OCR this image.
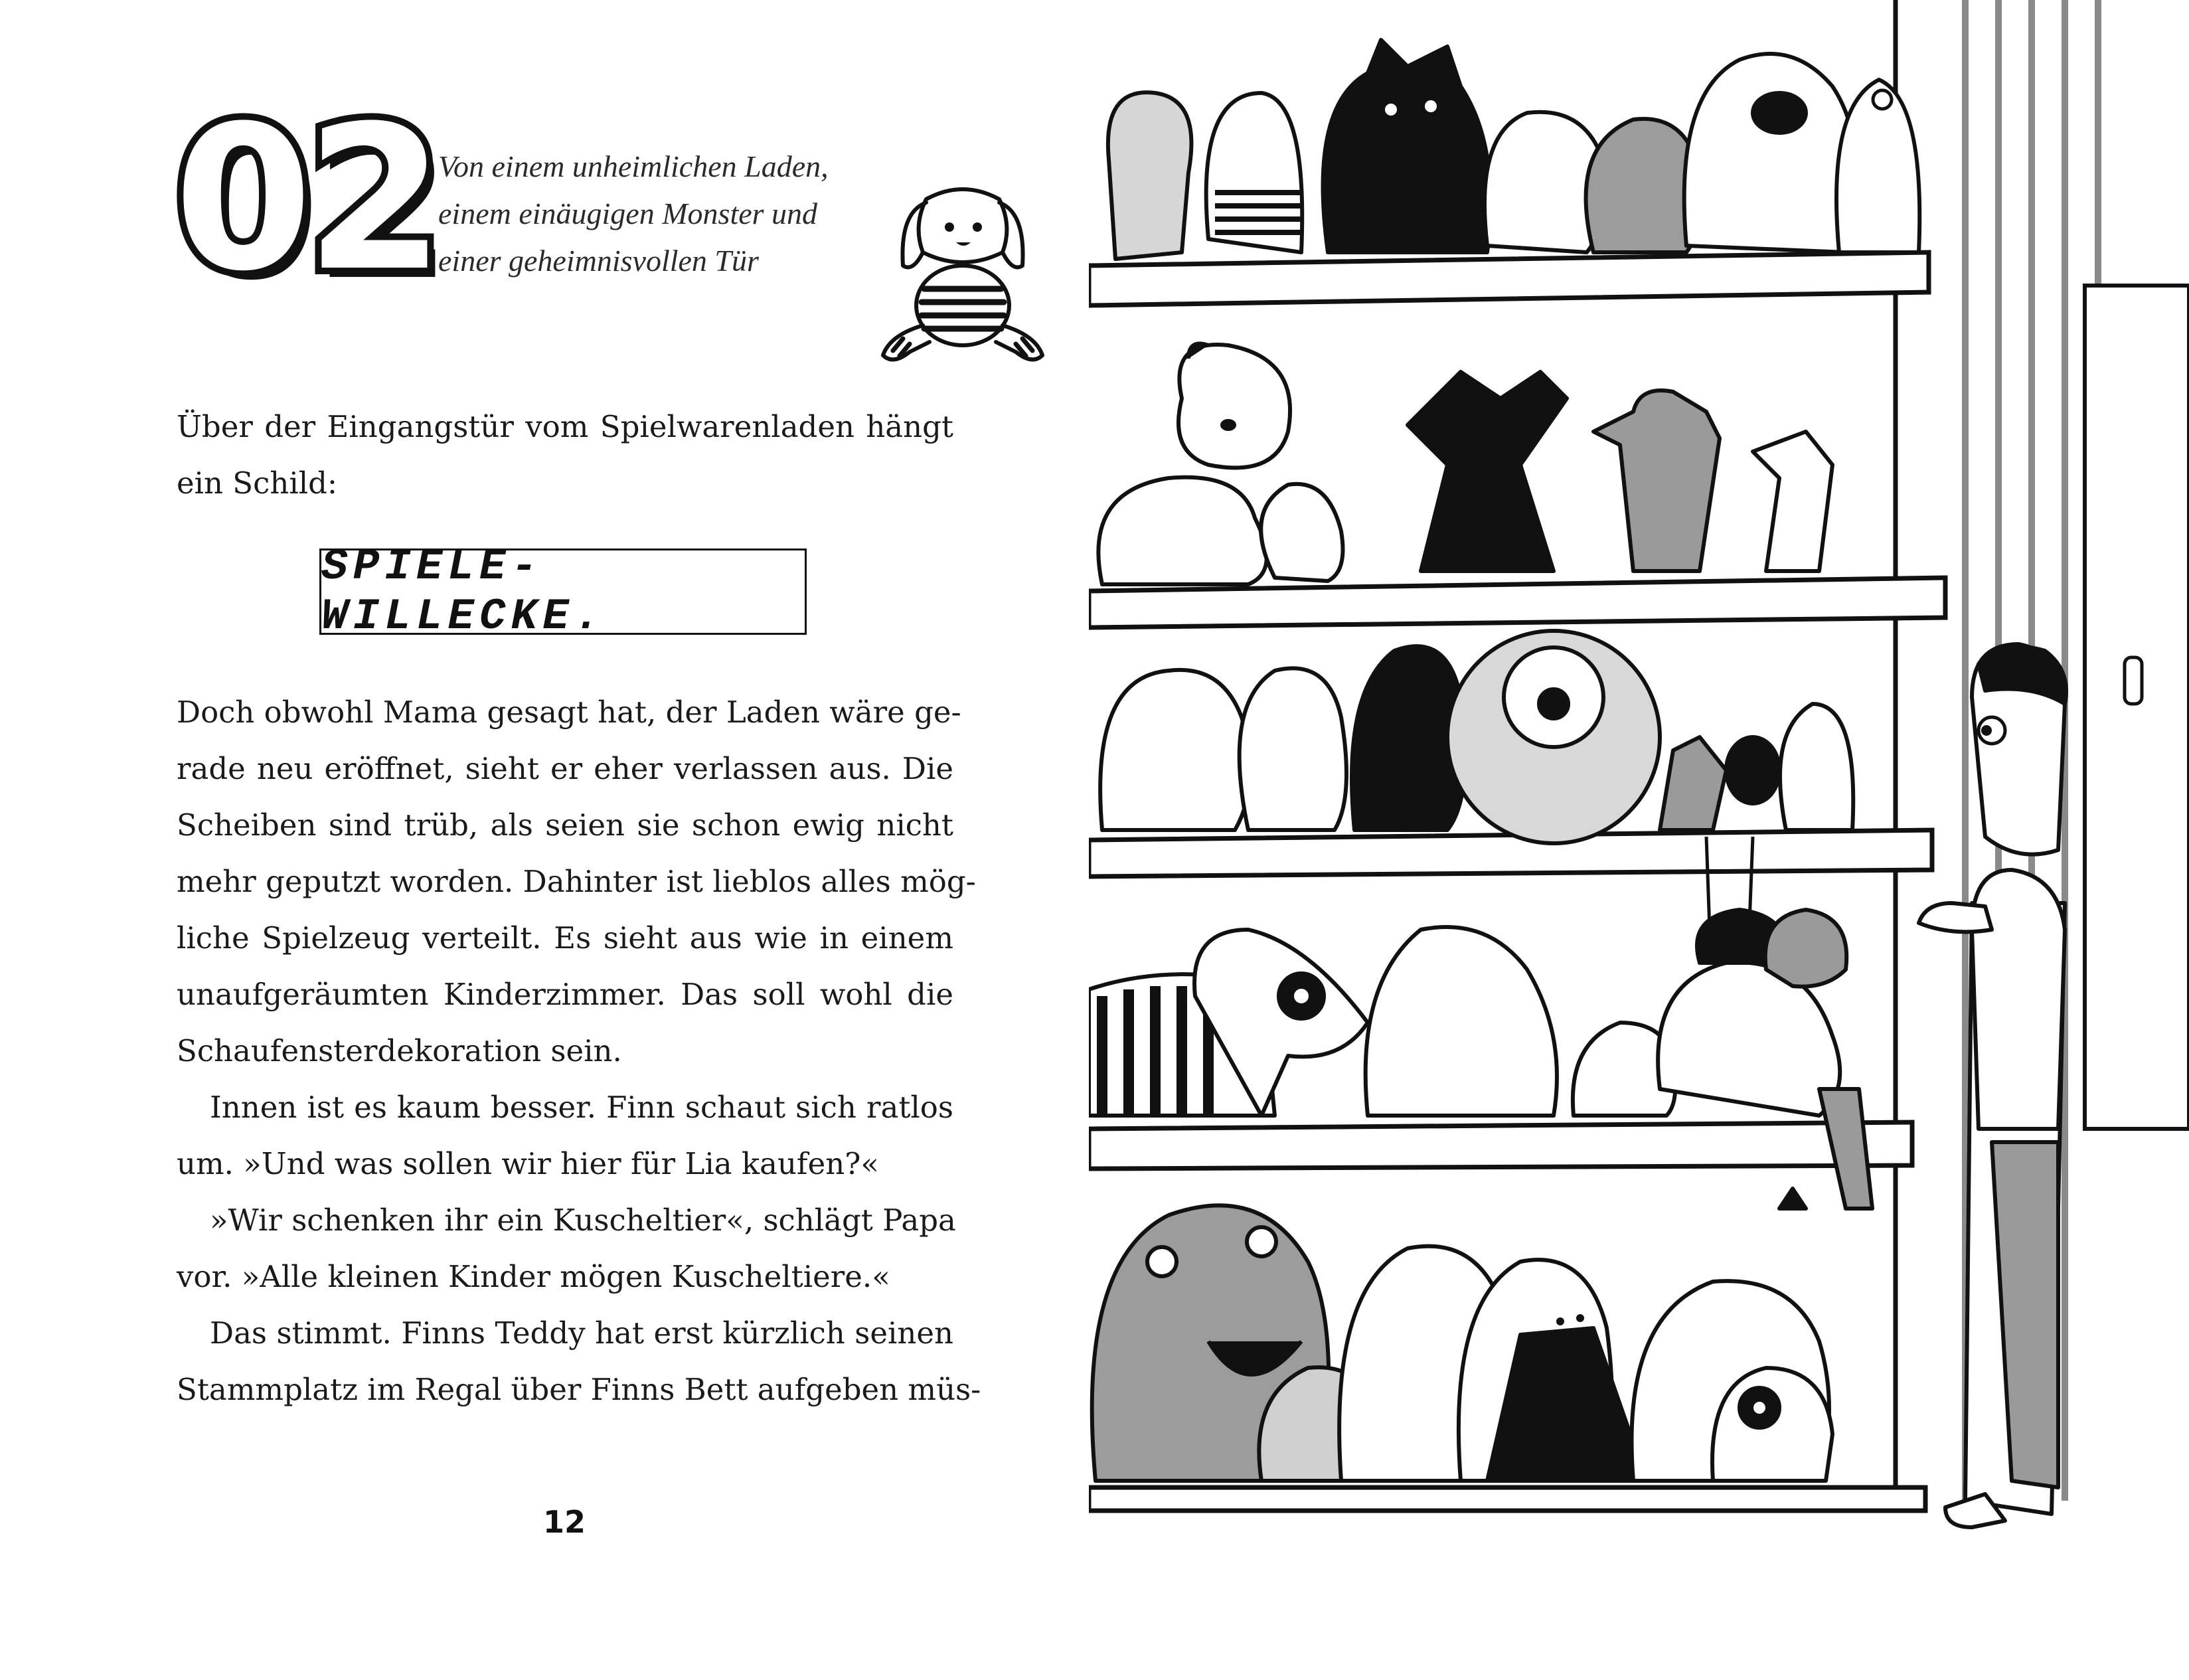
02 Von einem unheimlichen Laden,
einem einäugigen Monster und
einer geheimnisvollen Tür
Über der Eingangstür vom Spielwarenladen hängt
ein Schild:
SPIELE-WILLECKE.
Doch obwohl Mama gesagt hat, der Laden wäre ge-
rade neu eröffnet, sieht er eher verlassen aus. Die
Scheiben sind trüb, als seien sie schon ewig nicht
mehr geputzt worden. Dahinter ist lieblos alles mög-
liche Spielzeug verteilt. Es sieht aus wie in einem
unaufgeräumten Kinderzimmer. Das soll wohl die
Schaufensterdekoration sein.
Innen ist es kaum besser. Finn schaut sich ratlos
um. »Und was sollen wir hier für Lia kaufen?«
»Wir schenken ihr ein Kuscheltier«, schlägt Papa
vor. »Alle kleinen Kinder mögen Kuscheltiere.«
Das stimmt. Finns Teddy hat erst kürzlich seinen
Stammplatz im Regal über Finns Bett aufgeben müs-
12
